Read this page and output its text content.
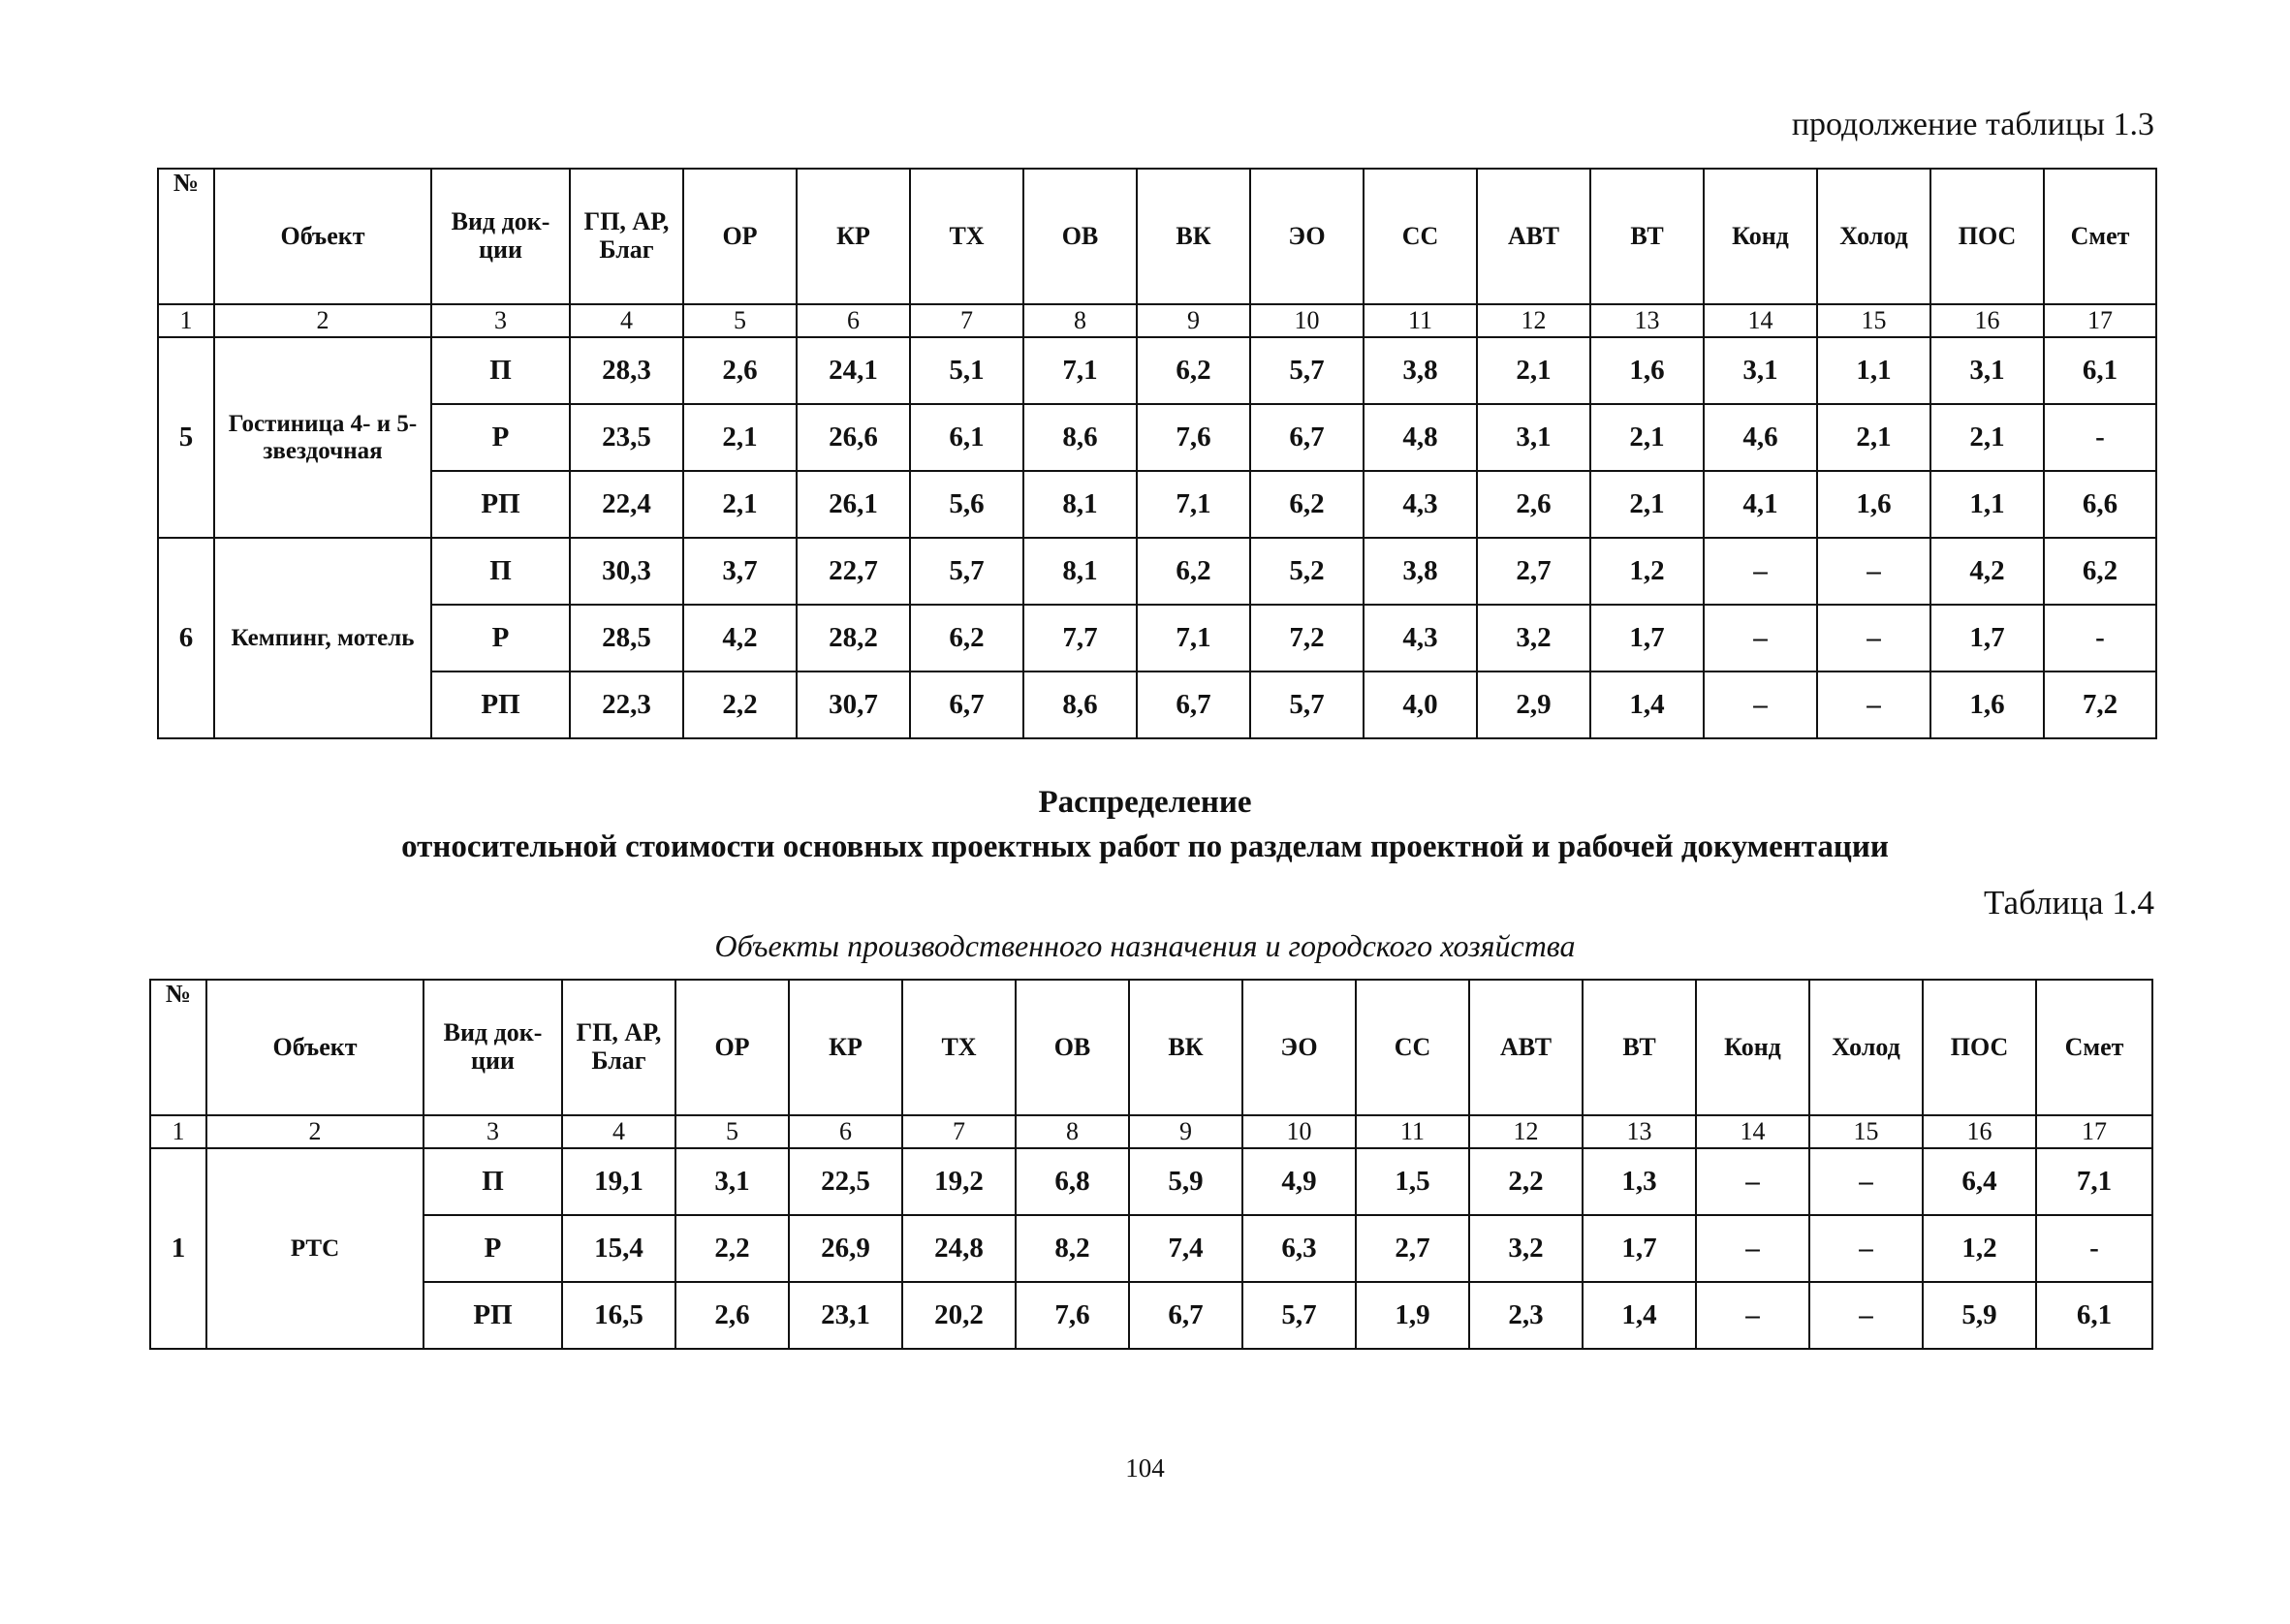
продолжение таблицы 1.3
№	Объект	Вид док-ции	ГП, АР, Благ	ОР	КР	ТХ	ОВ	ВК	ЭО	СС	АВТ	ВТ	Конд	Холод	ПОС	Смет
1	2	3	4	5	6	7	8	9	10	11	12	13	14	15	16	17
5	Гостиница 4- и 5- звездочная	П	28,3	2,6	24,1	5,1	7,1	6,2	5,7	3,8	2,1	1,6	3,1	1,1	3,1	6,1
		Р	23,5	2,1	26,6	6,1	8,6	7,6	6,7	4,8	3,1	2,1	4,6	2,1	2,1	-
		РП	22,4	2,1	26,1	5,6	8,1	7,1	6,2	4,3	2,6	2,1	4,1	1,6	1,1	6,6
6	Кемпинг, мотель	П	30,3	3,7	22,7	5,7	8,1	6,2	5,2	3,8	2,7	1,2	–	–	4,2	6,2
		Р	28,5	4,2	28,2	6,2	7,7	7,1	7,2	4,3	3,2	1,7	–	–	1,7	-
		РП	22,3	2,2	30,7	6,7	8,6	6,7	5,7	4,0	2,9	1,4	–	–	1,6	7,2
Распределение
относительной стоимости основных проектных работ по разделам проектной и рабочей документации
Таблица 1.4
Объекты производственного назначения и городского хозяйства
№	Объект	Вид док-ции	ГП, АР, Благ	ОР	КР	ТХ	ОВ	ВК	ЭО	СС	АВТ	ВТ	Конд	Холод	ПОС	Смет
1	2	3	4	5	6	7	8	9	10	11	12	13	14	15	16	17
1	РТС	П	19,1	3,1	22,5	19,2	6,8	5,9	4,9	1,5	2,2	1,3	–	–	6,4	7,1
		Р	15,4	2,2	26,9	24,8	8,2	7,4	6,3	2,7	3,2	1,7	–	–	1,2	-
		РП	16,5	2,6	23,1	20,2	7,6	6,7	5,7	1,9	2,3	1,4	–	–	5,9	6,1
104
